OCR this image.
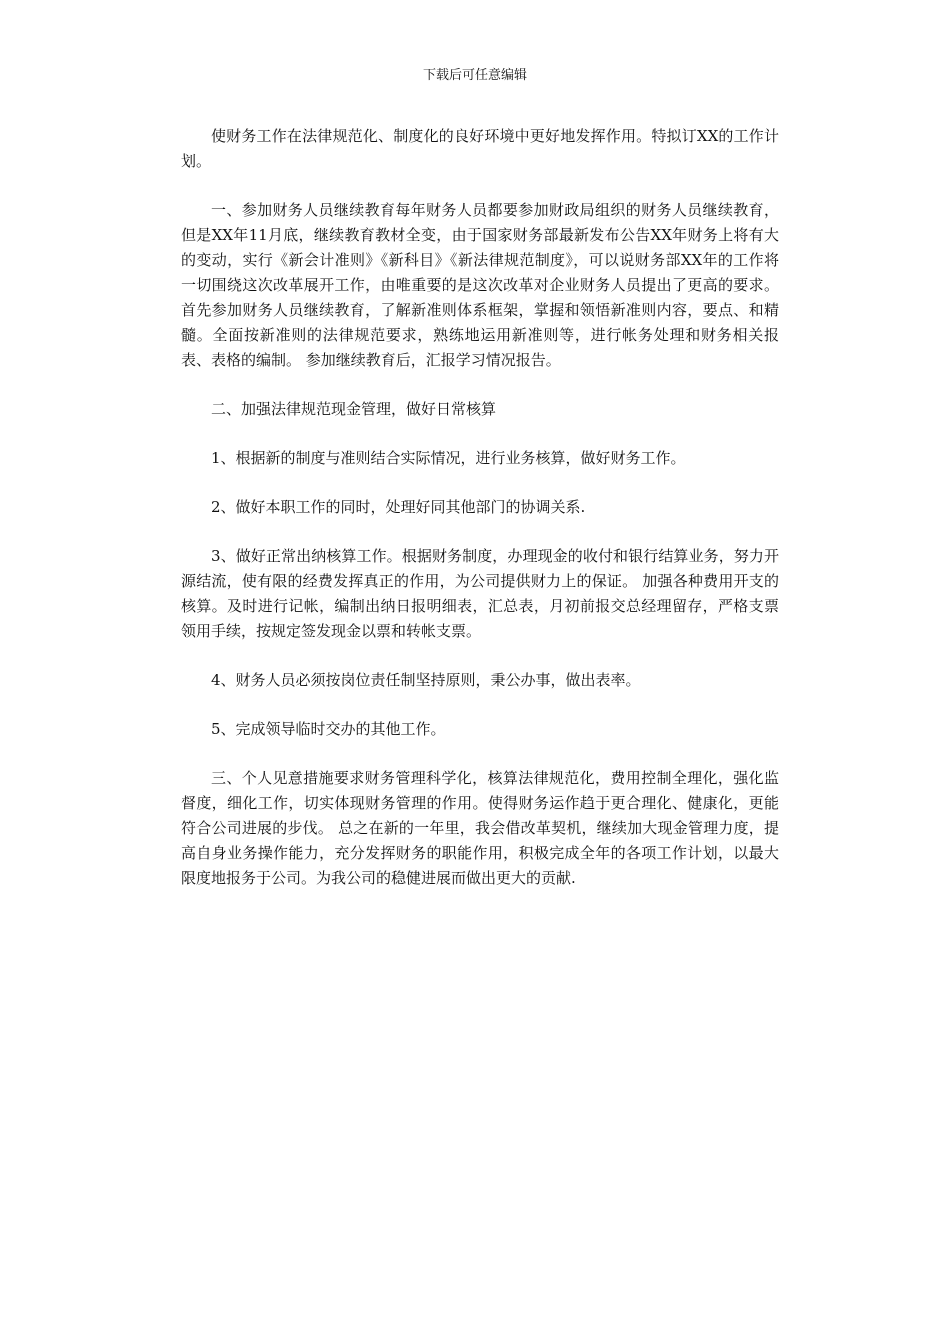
下载后可任意编辑

使财务工作在法律规范化、制度化的良好环境中更好地发挥作用。特拟订XX的工作计划。

一、参加财务人员继续教育每年财务人员都要参加财政局组织的财务人员继续教育，但是XX年11月底，继续教育教材全变，由于国家财务部最新发布公告XX年财务上将有大的变动，实行《新会计准则》《新科目》《新法律规范制度》，可以说财务部XX年的工作将一切围绕这次改革展开工作，由唯重要的是这次改革对企业财务人员提出了更高的要求。 首先参加财务人员继续教育，了解新准则体系框架，掌握和领悟新准则内容，要点、和精髓。全面按新准则的法律规范要求，熟练地运用新准则等，进行帐务处理和财务相关报表、表格的编制。 参加继续教育后，汇报学习情况报告。

二、加强法律规范现金管理，做好日常核算

1、根据新的制度与准则结合实际情况，进行业务核算，做好财务工作。

2、做好本职工作的同时，处理好同其他部门的协调关系.

3、做好正常出纳核算工作。根据财务制度，办理现金的收付和银行结算业务，努力开源结流，使有限的经费发挥真正的作用，为公司提供财力上的保证。 加强各种费用开支的核算。及时进行记帐，编制出纳日报明细表，汇总表，月初前报交总经理留存，严格支票领用手续，按规定签发现金以票和转帐支票。

4、财务人员必须按岗位责任制坚持原则，秉公办事，做出表率。

5、完成领导临时交办的其他工作。

三、个人见意措施要求财务管理科学化，核算法律规范化，费用控制全理化，强化监督度，细化工作，切实体现财务管理的作用。使得财务运作趋于更合理化、健康化，更能符合公司进展的步伐。 总之在新的一年里，我会借改革契机，继续加大现金管理力度，提高自身业务操作能力，充分发挥财务的职能作用，积极完成全年的各项工作计划，以最大限度地报务于公司。为我公司的稳健进展而做出更大的贡献.
